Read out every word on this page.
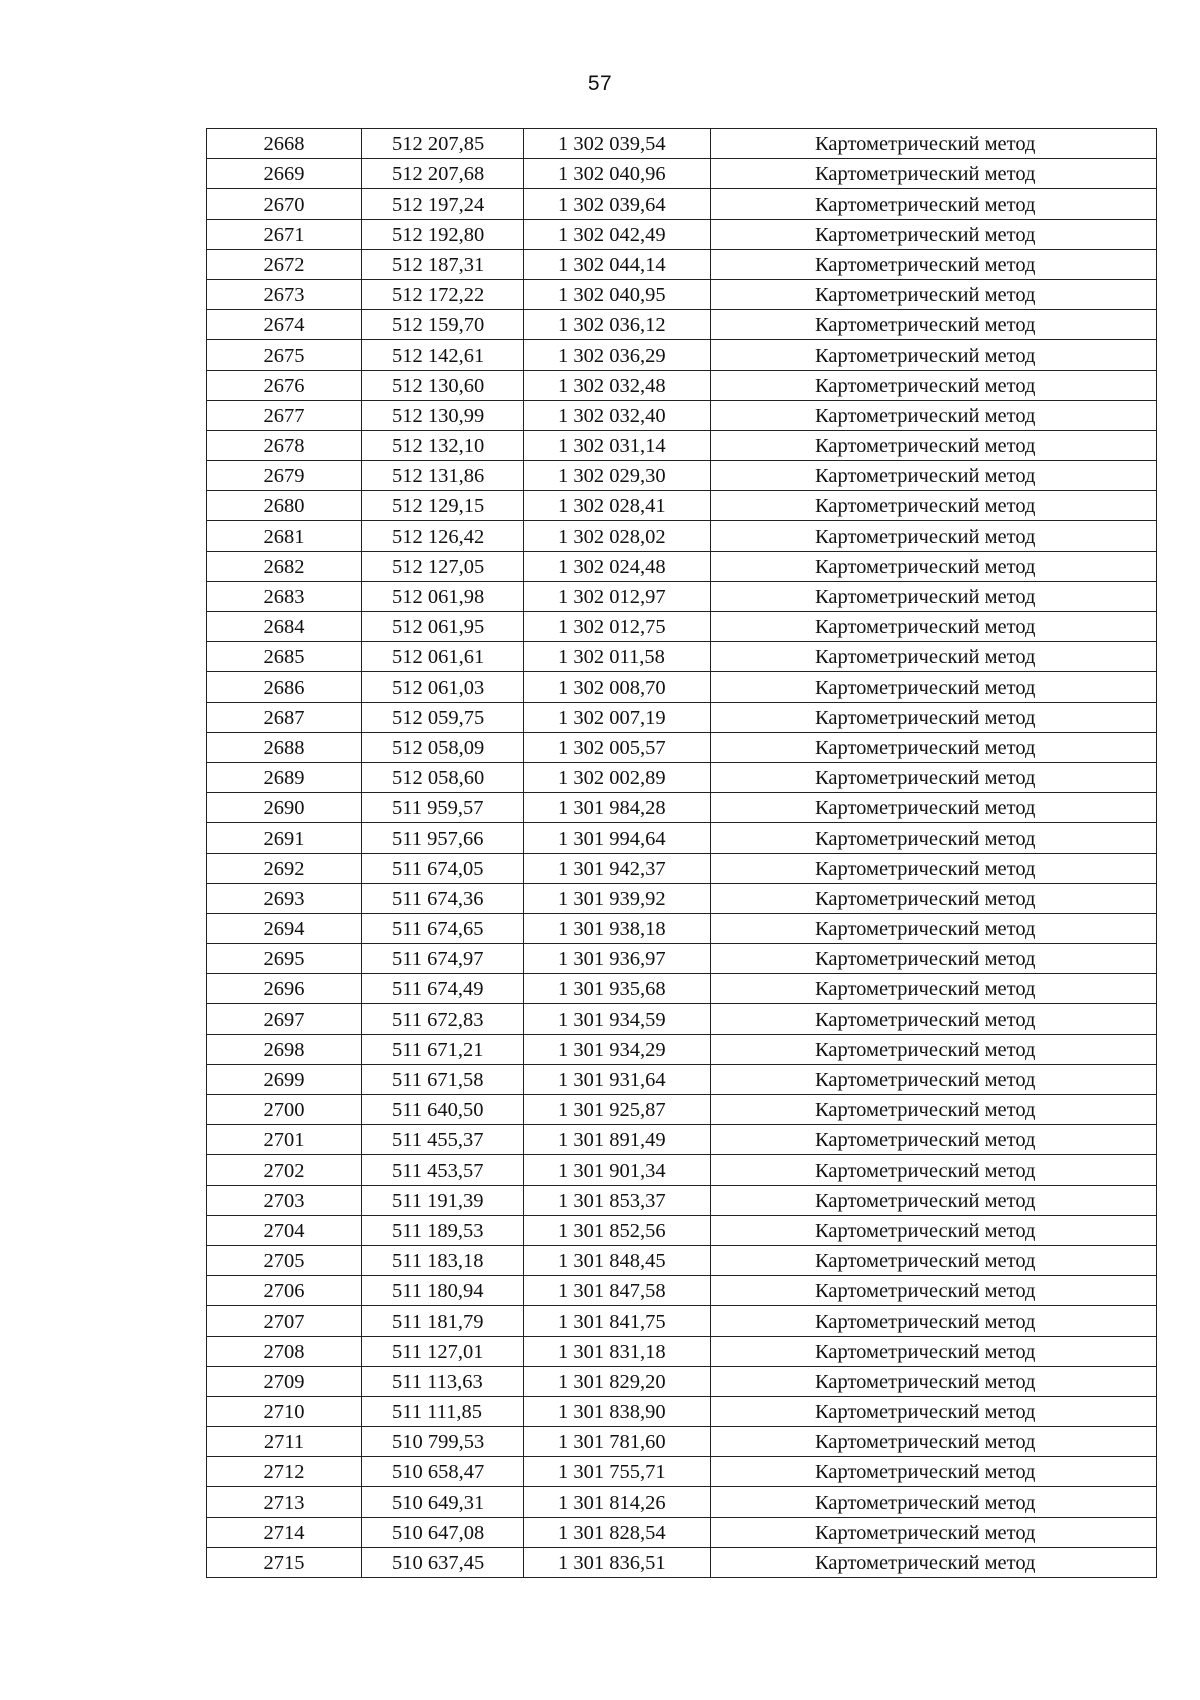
57
2668	512 207,85	1 302 039,54	Картометрический метод
2669	512 207,68	1 302 040,96	Картометрический метод
2670	512 197,24	1 302 039,64	Картометрический метод
2671	512 192,80	1 302 042,49	Картометрический метод
2672	512 187,31	1 302 044,14	Картометрический метод
2673	512 172,22	1 302 040,95	Картометрический метод
2674	512 159,70	1 302 036,12	Картометрический метод
2675	512 142,61	1 302 036,29	Картометрический метод
2676	512 130,60	1 302 032,48	Картометрический метод
2677	512 130,99	1 302 032,40	Картометрический метод
2678	512 132,10	1 302 031,14	Картометрический метод
2679	512 131,86	1 302 029,30	Картометрический метод
2680	512 129,15	1 302 028,41	Картометрический метод
2681	512 126,42	1 302 028,02	Картометрический метод
2682	512 127,05	1 302 024,48	Картометрический метод
2683	512 061,98	1 302 012,97	Картометрический метод
2684	512 061,95	1 302 012,75	Картометрический метод
2685	512 061,61	1 302 011,58	Картометрический метод
2686	512 061,03	1 302 008,70	Картометрический метод
2687	512 059,75	1 302 007,19	Картометрический метод
2688	512 058,09	1 302 005,57	Картометрический метод
2689	512 058,60	1 302 002,89	Картометрический метод
2690	511 959,57	1 301 984,28	Картометрический метод
2691	511 957,66	1 301 994,64	Картометрический метод
2692	511 674,05	1 301 942,37	Картометрический метод
2693	511 674,36	1 301 939,92	Картометрический метод
2694	511 674,65	1 301 938,18	Картометрический метод
2695	511 674,97	1 301 936,97	Картометрический метод
2696	511 674,49	1 301 935,68	Картометрический метод
2697	511 672,83	1 301 934,59	Картометрический метод
2698	511 671,21	1 301 934,29	Картометрический метод
2699	511 671,58	1 301 931,64	Картометрический метод
2700	511 640,50	1 301 925,87	Картометрический метод
2701	511 455,37	1 301 891,49	Картометрический метод
2702	511 453,57	1 301 901,34	Картометрический метод
2703	511 191,39	1 301 853,37	Картометрический метод
2704	511 189,53	1 301 852,56	Картометрический метод
2705	511 183,18	1 301 848,45	Картометрический метод
2706	511 180,94	1 301 847,58	Картометрический метод
2707	511 181,79	1 301 841,75	Картометрический метод
2708	511 127,01	1 301 831,18	Картометрический метод
2709	511 113,63	1 301 829,20	Картометрический метод
2710	511 111,85	1 301 838,90	Картометрический метод
2711	510 799,53	1 301 781,60	Картометрический метод
2712	510 658,47	1 301 755,71	Картометрический метод
2713	510 649,31	1 301 814,26	Картометрический метод
2714	510 647,08	1 301 828,54	Картометрический метод
2715	510 637,45	1 301 836,51	Картометрический метод
